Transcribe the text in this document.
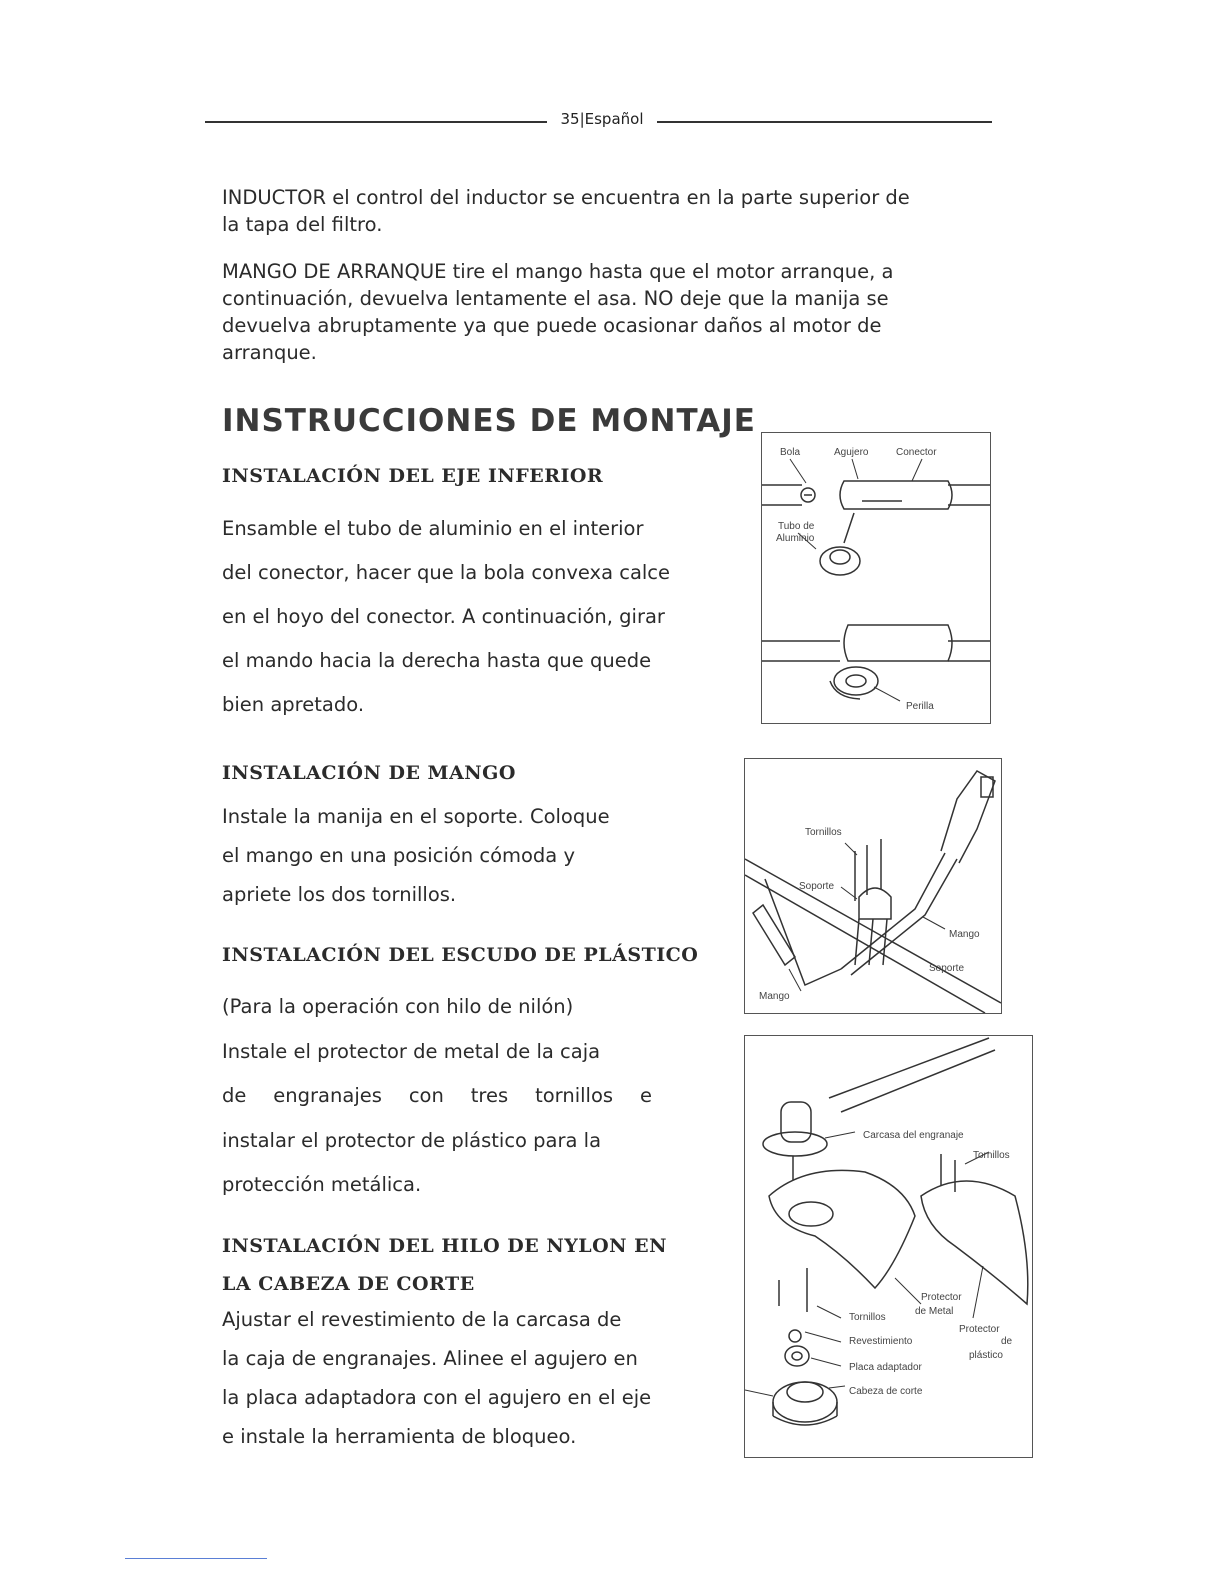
35|Español
INDUCTOR el control del inductor se encuentra en la parte superior de
la tapa del filtro.
MANGO DE ARRANQUE tire el mango hasta que el motor arranque, a
continuación, devuelva lentamente el asa. NO deje que la manija se
devuelva abruptamente ya que puede ocasionar daños al motor de
arranque.
INSTRUCCIONES DE MONTAJE
INSTALACIÓN DEL EJE INFERIOR
Ensamble el tubo de aluminio en el interior
del conector, hacer que la bola convexa calce
en el hoyo del conector. A continuación, girar
el mando hacia la derecha hasta que quede
bien apretado.
INSTALACIÓN DE MANGO
Instale la manija en el soporte. Coloque
el mango en una posición cómoda y
apriete los dos tornillos.
INSTALACIÓN DEL ESCUDO DE PLÁSTICO
(Para la operación con hilo de nilón)
Instale el protector de metal de la caja
de engranajes con tres tornillos e
instalar el protector de plástico para la
protección metálica.
INSTALACIÓN DEL HILO DE NYLON EN
LA CABEZA DE CORTE
Ajustar el revestimiento de la carcasa de
la caja de engranajes. Alinee el agujero en
la placa adaptadora con el agujero en el eje
e instale la herramienta de bloqueo.
Bola	Agujero	Conector
Tubo de
Aluminio
Perilla
Tornillos
Soporte
Mango
Soporte
Mango
Carcasa del engranaje
Tornillos
Protector
de Metal
Tornillos
Protector
de
plástico
Revestimiento
Placa adaptador
Cabeza de corte
